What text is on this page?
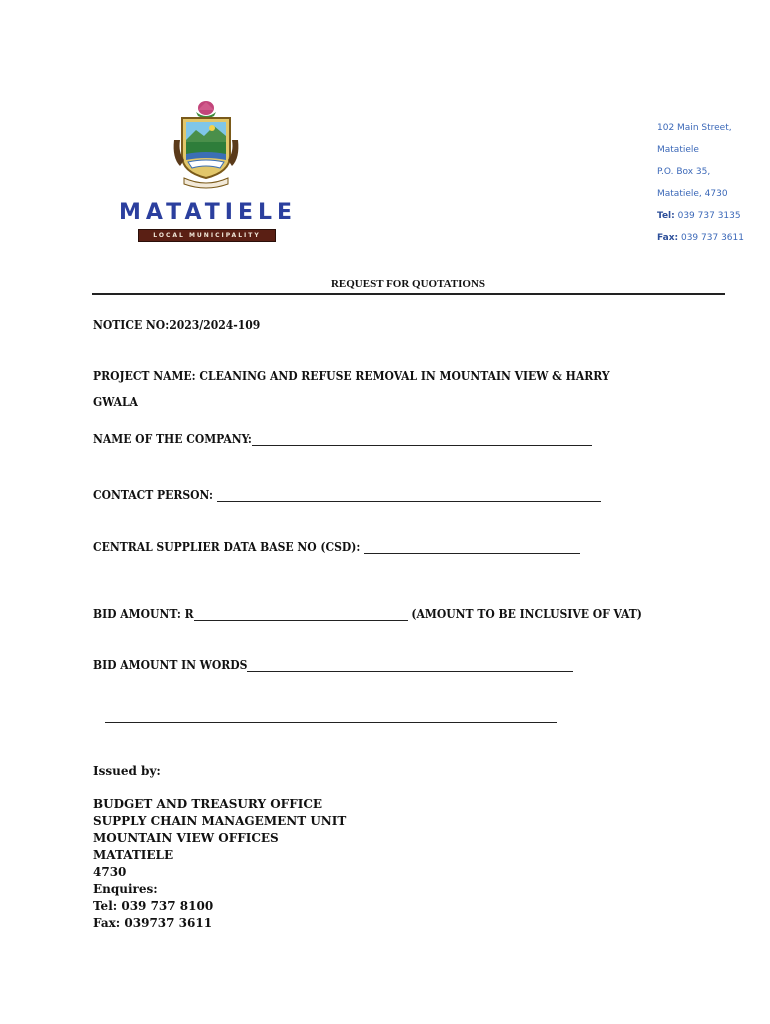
MATATIELE
LOCAL MUNICIPALITY
102 Main Street,
Matatiele
P.O. Box 35,
Matatiele, 4730
Tel: 039 737 3135
Fax: 039 737 3611
REQUEST FOR QUOTATIONS
NOTICE NO:2023/2024-109
PROJECT NAME: CLEANING AND REFUSE REMOVAL IN MOUNTAIN VIEW & HARRY
GWALA
NAME OF THE COMPANY:
CONTACT PERSON:
CENTRAL SUPPLIER DATA BASE NO (CSD):
BID AMOUNT: R	(AMOUNT TO BE INCLUSIVE OF VAT)
BID AMOUNT IN WORDS
Issued by:
BUDGET AND TREASURY OFFICE
SUPPLY CHAIN MANAGEMENT UNIT
MOUNTAIN VIEW OFFICES
MATATIELE
4730
Enquires:
Tel: 039 737 8100
Fax: 039737 3611
